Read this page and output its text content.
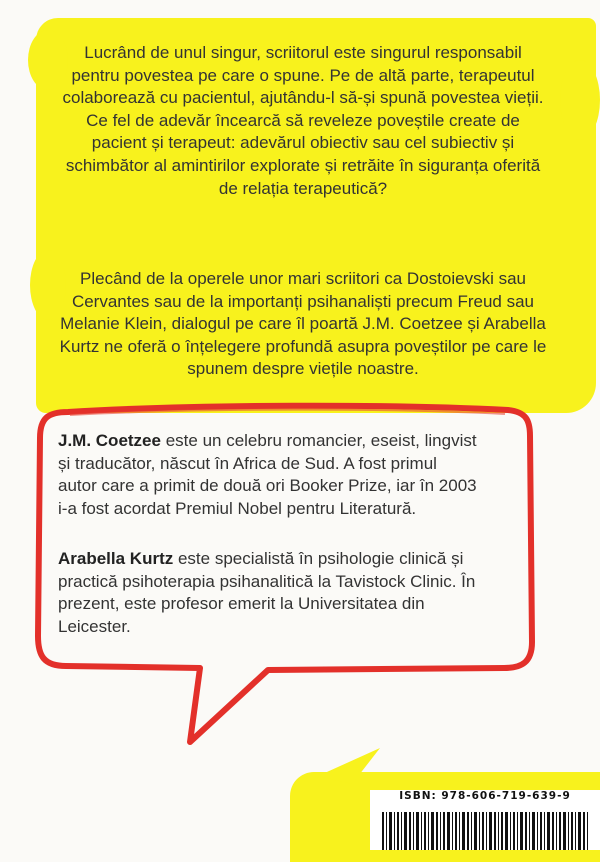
Lucrând de unul singur, scriitorul este singurul responsabil pentru povestea pe care o spune. Pe de altă parte, terapeutul colaborează cu pacientul, ajutându-l să-și spună povestea vieții. Ce fel de adevăr încearcă să reveleze poveștile create de pacient și terapeut: adevărul obiectiv sau cel subiectiv și schimbător al amintirilor explorate și retrăite în siguranța oferită de relația terapeutică?

Plecând de la operele unor mari scriitori ca Dostoievski sau Cervantes sau de la importanți psihanaliști precum Freud sau Melanie Klein, dialogul pe care îl poartă J.M. Coetzee și Arabella Kurtz ne oferă o înțelegere profundă asupra poveștilor pe care le spunem despre viețile noastre.

J.M. Coetzee este un celebru romancier, eseist, lingvist și traducător, născut în Africa de Sud. A fost primul autor care a primit de două ori Booker Prize, iar în 2003 i-a fost acordat Premiul Nobel pentru Literatură.
Arabella Kurtz este specialistă în psihologie clinică și practică psihoterapia psihanalitică la Tavistock Clinic. În prezent, este profesor emerit la Universitatea din Leicester.
ISBN: 978-606-719-639-9
